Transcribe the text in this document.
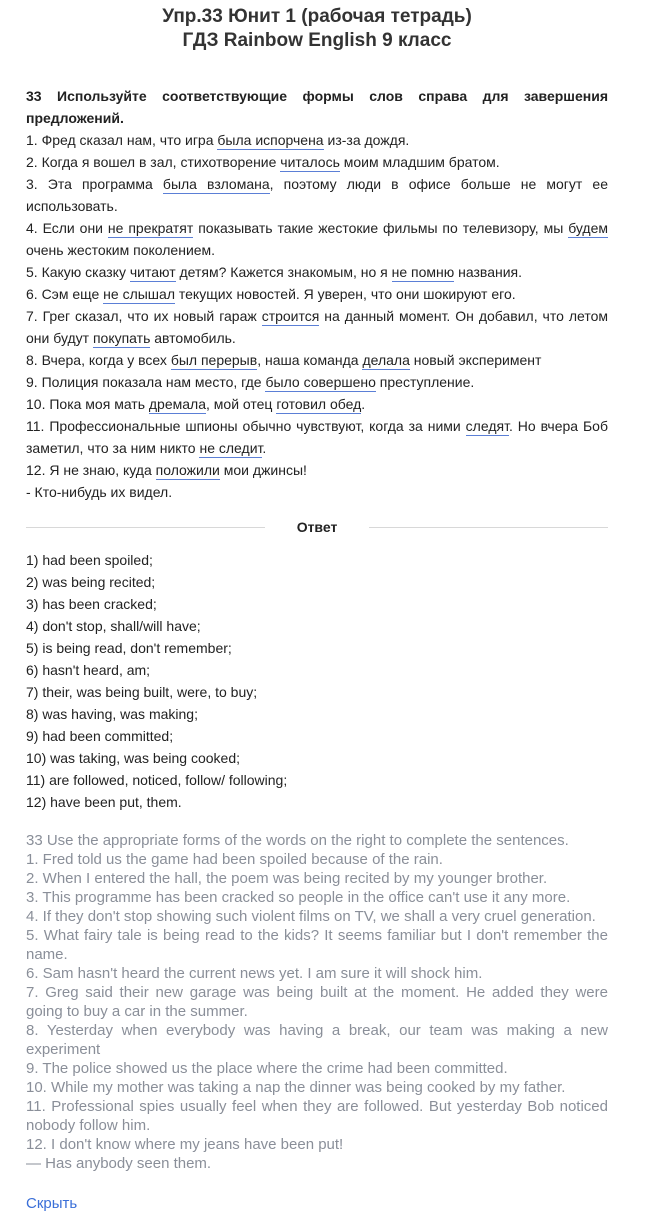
Упр.33 Юнит 1 (рабочая тетрадь)
ГДЗ Rainbow English 9 класс
33 Используйте соответствующие формы слов справа для завершения предложений.

1. Фред сказал нам, что игра была испорчена из-за дождя.

2. Когда я вошел в зал, стихотворение читалось моим младшим братом.

3. Эта программа была взломана, поэтому люди в офисе больше не могут ее использовать.

4. Если они не прекратят показывать такие жестокие фильмы по телевизору, мы будем очень жестоким поколением.

5. Какую сказку читают детям? Кажется знакомым, но я не помню названия.

6. Сэм еще не слышал текущих новостей. Я уверен, что они шокируют его.

7. Грег сказал, что их новый гараж строится на данный момент. Он добавил, что летом они будут покупать автомобиль.

8. Вчера, когда у всех был перерыв, наша команда делала новый эксперимент

9. Полиция показала нам место, где было совершено преступление.

10. Пока моя мать дремала, мой отец готовил обед.

11. Профессиональные шпионы обычно чувствуют, когда за ними следят. Но вчера Боб заметил, что за ним никто не следит.

12. Я не знаю, куда положили мои джинсы!

- Кто-нибудь их видел.

Ответ
1) had been spoiled;
2) was being recited;
3) has been cracked;
4) don't stop, shall/will have;
5) is being read, don't remember;
6) hasn't heard, am;
7) their, was being built, were, to buy;
8) was having, was making;
9) had been committed;
10) was taking, was being cooked;
11) are followed, noticed, follow/ following;
12) have been put, them.

33 Use the appropriate forms of the words on the right to complete the sentences.

1. Fred told us the game had been spoiled because of the rain.

2. When I entered the hall, the poem was being recited by my younger brother.

3. This programme has been cracked so people in the office can't use it any more.

4. If they don't stop showing such violent films on TV, we shall a very cruel generation.

5. What fairy tale is being read to the kids? It seems familiar but I don't remember the name.

6. Sam hasn't heard the current news yet. I am sure it will shock him.

7. Greg said their new garage was being built at the moment. He added they were going to buy a car in the summer.

8. Yesterday when everybody was having a break, our team was making a new experiment

9. The police showed us the place where the crime had been committed.

10. While my mother was taking a nap the dinner was being cooked by my father.

11. Professional spies usually feel when they are followed. But yesterday Bob noticed nobody follow him.

12. I don't know where my jeans have been put!

— Has anybody seen them.

Скрыть
